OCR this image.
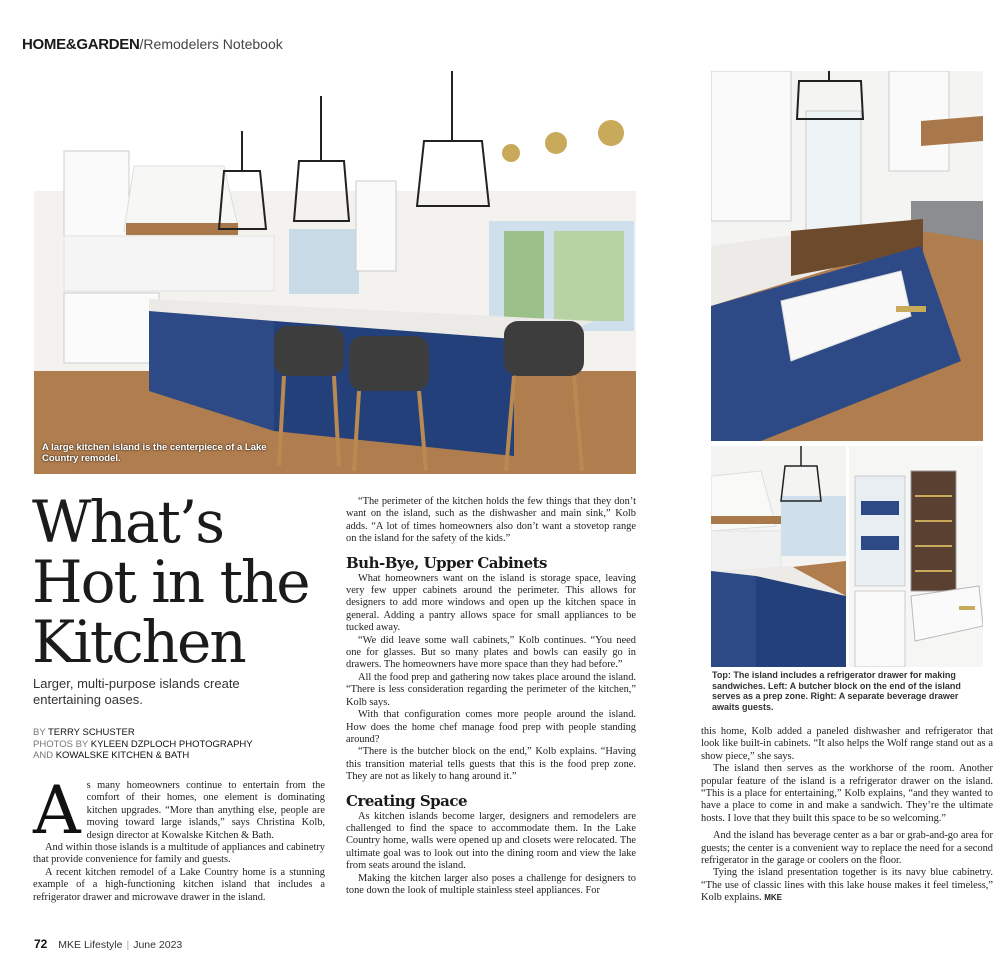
HOME&GARDEN/Remodelers Notebook
A large kitchen island is the centerpiece of a Lake Country remodel.
What’s
Hot in the
Kitchen
Larger, multi-purpose islands create entertaining oases.
BY TERRY SCHUSTER
PHOTOS BY KYLEEN DZPLOCH PHOTOGRAPHY
AND KOWALSKE KITCHEN & BATH

As many homeowners continue to entertain from the comfort of their homes, one element is dominating kitchen upgrades. “More than anything else, people are moving toward large islands,” says Christina Kolb, design director at Kowalske Kitchen & Bath.

And within those islands is a multitude of appliances and cabinetry that provide convenience for family and guests.

A recent kitchen remodel of a Lake Country home is a stunning example of a high-functioning kitchen island that includes a refrigerator drawer and microwave drawer in the island.

“The perimeter of the kitchen holds the few things that they don’t want on the island, such as the dishwasher and main sink,” Kolb adds. “A lot of times homeowners also don’t want a stovetop range on the island for the safety of the kids.”

Buh-Bye, Upper Cabinets

What homeowners want on the island is storage space, leaving very few upper cabinets around the perimeter. This allows for designers to add more windows and open up the kitchen space in general. Adding a pantry allows space for small appliances to be tucked away.

“We did leave some wall cabinets,” Kolb continues. “You need one for glasses. But so many plates and bowls can easily go in drawers. The homeowners have more space than they had before.”

All the food prep and gathering now takes place around the island. “There is less consideration regarding the perimeter of the kitchen,” Kolb says.

With that configuration comes more people around the island. How does the home chef manage food prep with people standing around?

“There is the butcher block on the end,” Kolb explains. “Having this transition material tells guests that this is the food prep zone. They are not as likely to hang around it.”

Creating Space

As kitchen islands become larger, designers and remodelers are challenged to find the space to accommodate them. In the Lake Country home, walls were opened up and closets were relocated. The ultimate goal was to look out into the dining room and view the lake from seats around the island.

Making the kitchen larger also poses a challenge for designers to tone down the look of multiple stainless steel appliances. For

Top: The island includes a refrigerator drawer for making sandwiches. Left: A butcher block on the end of the island serves as a prep zone. Right: A separate beverage drawer awaits guests.

this home, Kolb added a paneled dishwasher and refrigerator that look like built-in cabinets. “It also helps the Wolf range stand out as a show piece,” she says.

The island then serves as the workhorse of the room. Another popular feature of the island is a refrigerator drawer on the island. “This is a place for entertaining,” Kolb explains, “and they wanted to have a place to come in and make a sandwich. They’re the ultimate hosts. I love that they built this space to be so welcoming.”

And the island has beverage center as a bar or grab-and-go area for guests; the center is a convenient way to replace the need for a second refrigerator in the garage or coolers on the floor.

Tying the island presentation together is its navy blue cabinetry. “The use of classic lines with this lake house makes it feel timeless,” Kolb explains. MKE

72 MKE Lifestyle | June 2023
